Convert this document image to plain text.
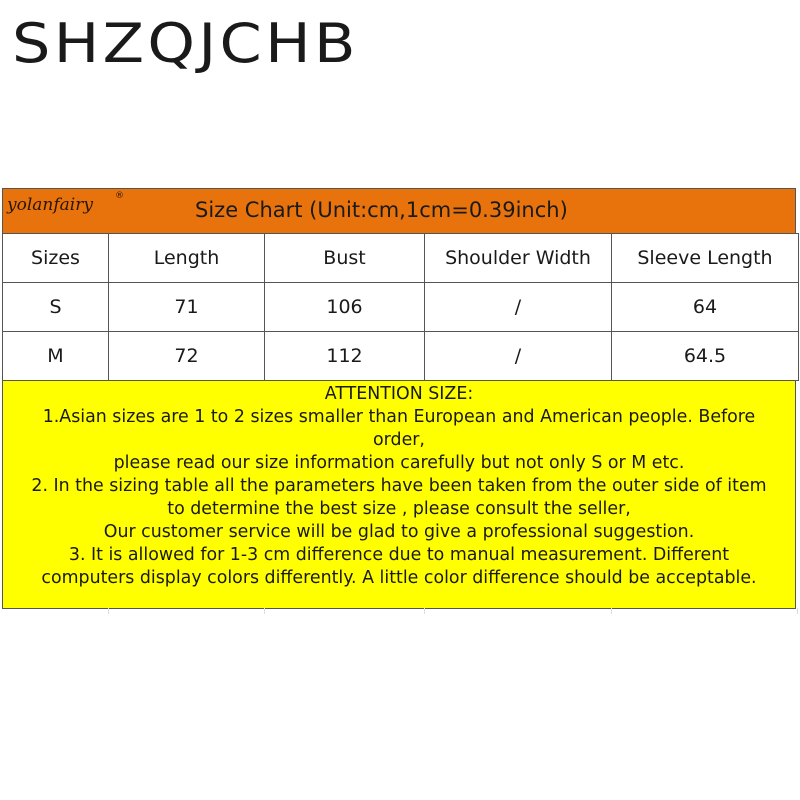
SHZQJCHB
yolanfairy ®
Size Chart (Unit:cm,1cm=0.39inch)
Sizes	Length	Bust	Shoulder Width	Sleeve Length
S	71	106	/	64
M	72	112	/	64.5
ATTENTION SIZE:
1.Asian sizes are 1 to 2 sizes smaller than European and American people. Before
order,
please read our size information carefully but not only S or M etc.
2. In the sizing table all the parameters have been taken from the outer side of item
to determine the best size , please consult the seller,
Our customer service will be glad to give a professional suggestion.
3. It is allowed for 1-3 cm difference due to manual measurement. Different
computers display colors differently. A little color difference should be acceptable.
